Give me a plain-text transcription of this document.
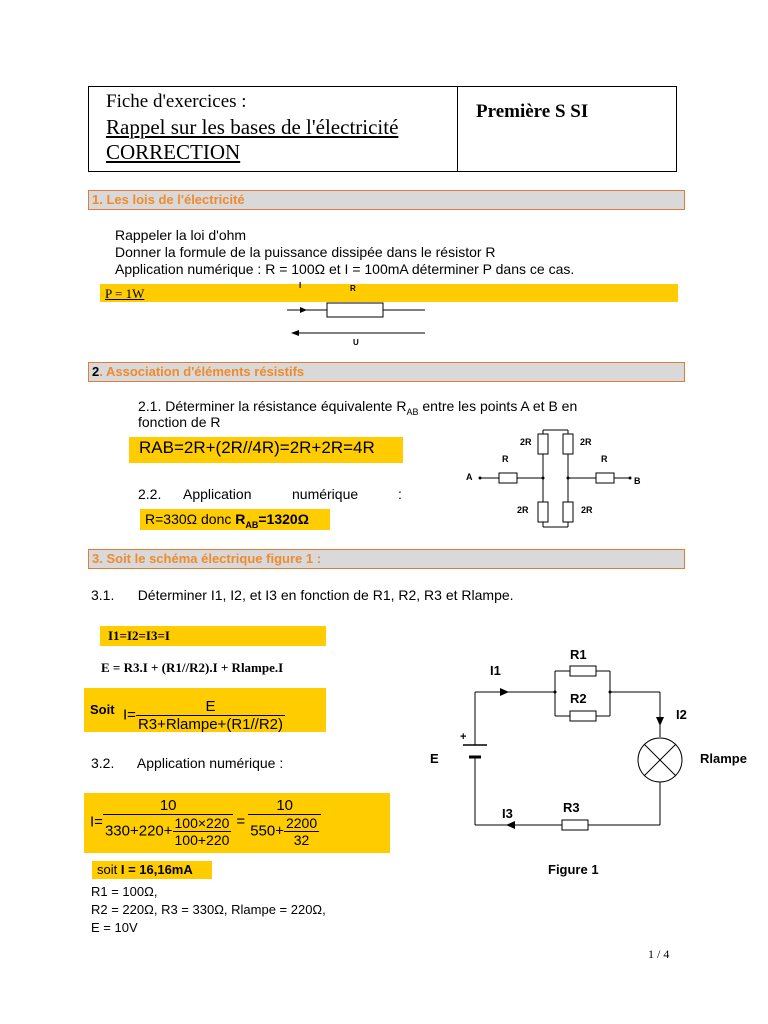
Fiche d'exercices :
Rappel sur les bases de l'électricité
CORRECTION
Première S SI
1. Les lois de l'électricité
Rappeler la loi d'ohm
Donner la formule de la puissance dissipée dans le résistor R
Application numérique : R = 100Ω et I = 100mA déterminer P dans ce cas.
P = 1W
I	R
U
2. Association d'éléments résistifs
2.1. Déterminer la résistance équivalente $R_{AB}$ entre les points A et B en
fonction de R
RAB=2R+(2R//4R)=2R+2R=4R
2.2. Application	numérique	:
R=330Ω donc $R_{AB}=1320\Omega$
2R	2R
R	R
2R	2R
A	B
3. Soit le schéma électrique figure 1 :
3.1.      Déterminer I1, I2, et I3 en fonction de R1, R2, R3 et Rlampe.
I1=I2=I3=I
E = R3.I + (R1//R2).I + Rlampe.I
Soit $I= \frac{E}{\text{R3+Rlampe+(R1//R2)}}$
3.2.      Application numérique :
$I= \frac{10}{330+220+ \frac{100\times 220}{100+220}} = \frac{10}{550+ \frac{2200}{32}}$
soit I = 16,16mA
R1 = 100Ω,
R2 = 220Ω, R3 = 330Ω, Rlampe = 220Ω,
E = 10V
R1
R2
R3
I1
I2
I3
E
+
Rlampe
Figure 1
1 / 4
